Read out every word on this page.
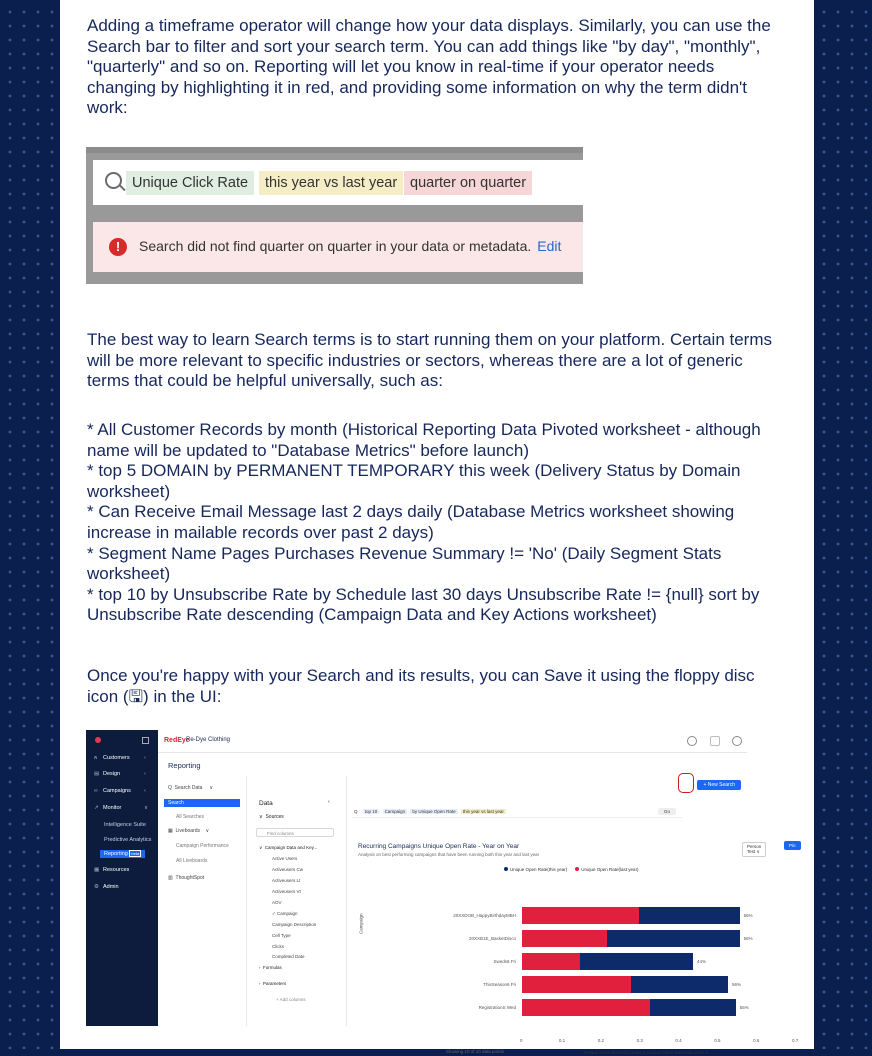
Adding a timeframe operator will change how your data displays. Similarly, you can use the Search bar to filter and sort your search term. You can add things like "by day", "monthly", "quarterly" and so on. Reporting will let you know in real-time if your operator needs changing by highlighting it in red, and providing some information on why the term didn't work:

Unique Click Rate	this year vs last year quarter on quarter
!	Search did not find quarter on quarter in your data or metadata. Edit

The best way to learn Search terms is to start running them on your platform. Certain terms will be more relevant to specific industries or sectors, whereas there are a lot of generic terms that could be helpful universally, such as:

* All Customer Records by month (Historical Reporting Data Pivoted worksheet - although name will be updated to "Database Metrics" before launch)

* top 5 DOMAIN by PERMANENT TEMPORARY this week (Delivery Status by Domain worksheet)

* Can Receive Email Message last 2 days daily (Database Metrics worksheet showing increase in mailable records over past 2 days)

* Segment Name Pages Purchases Revenue Summary != 'No' (Daily Segment Stats worksheet)

* top 10 by Unsubscribe Rate by Schedule last 30 days Unsubscribe Rate != {null} sort by Unsubscribe Rate descending (Campaign Data and Key Actions worksheet)

Once you're happy with your Search and its results, you can Save it using the floppy disc icon (🖫) in the UI:

ጸ Customers	‹
▤ Design	‹
∞ Campaigns ‹
↗ Monitor	∨
Intelligence Suite
Predictive Analytics
Reporting beta
▦ Resources
⚙ Admin
RedEye
Re-Dye Clothing
Reporting
Q  Search Data     ∨
Search
All Searches
▦ Liveboards    ∨
Campaign Performance
All Liveboards
▥ ThoughtSpot
Data	‹
∨  Sources
Find columns
∨  Campaign Data and Key...
Active Users
Activeusers Cw
Activeusers Lt
Activeusers Vt
AOV
✓ Campaign
Campaign Description
Cell Type
Clicks
Completed Date
›  Formulas
›  Parameters
+ Add columns
+ New Search
Q top 10 Campaign by Unique Open Rate this year vs last year	Go
Recurring Campaigns Unique Open Rate - Year on Year
Analysis on best performing campaigns that have been running both this year and last year
Person Test ∨
Pin
Unique Open Rate(this year)	Unique Open Rate(last year)
20XXDOB_HappyBirthdayMBH	56%
20XXB1E_BasketDisco	56%
Sweds6 Fri	44%
ThisSeason6 Fri	56%
RegistrationS Wed	55%
0	0.1	0.2	0.3	0.4	0.5	0.6	0.7
Campaign
Showing 10 of 10 data points	Unique Open Rate(this year) & Unique Open Rate(last year) ∨
